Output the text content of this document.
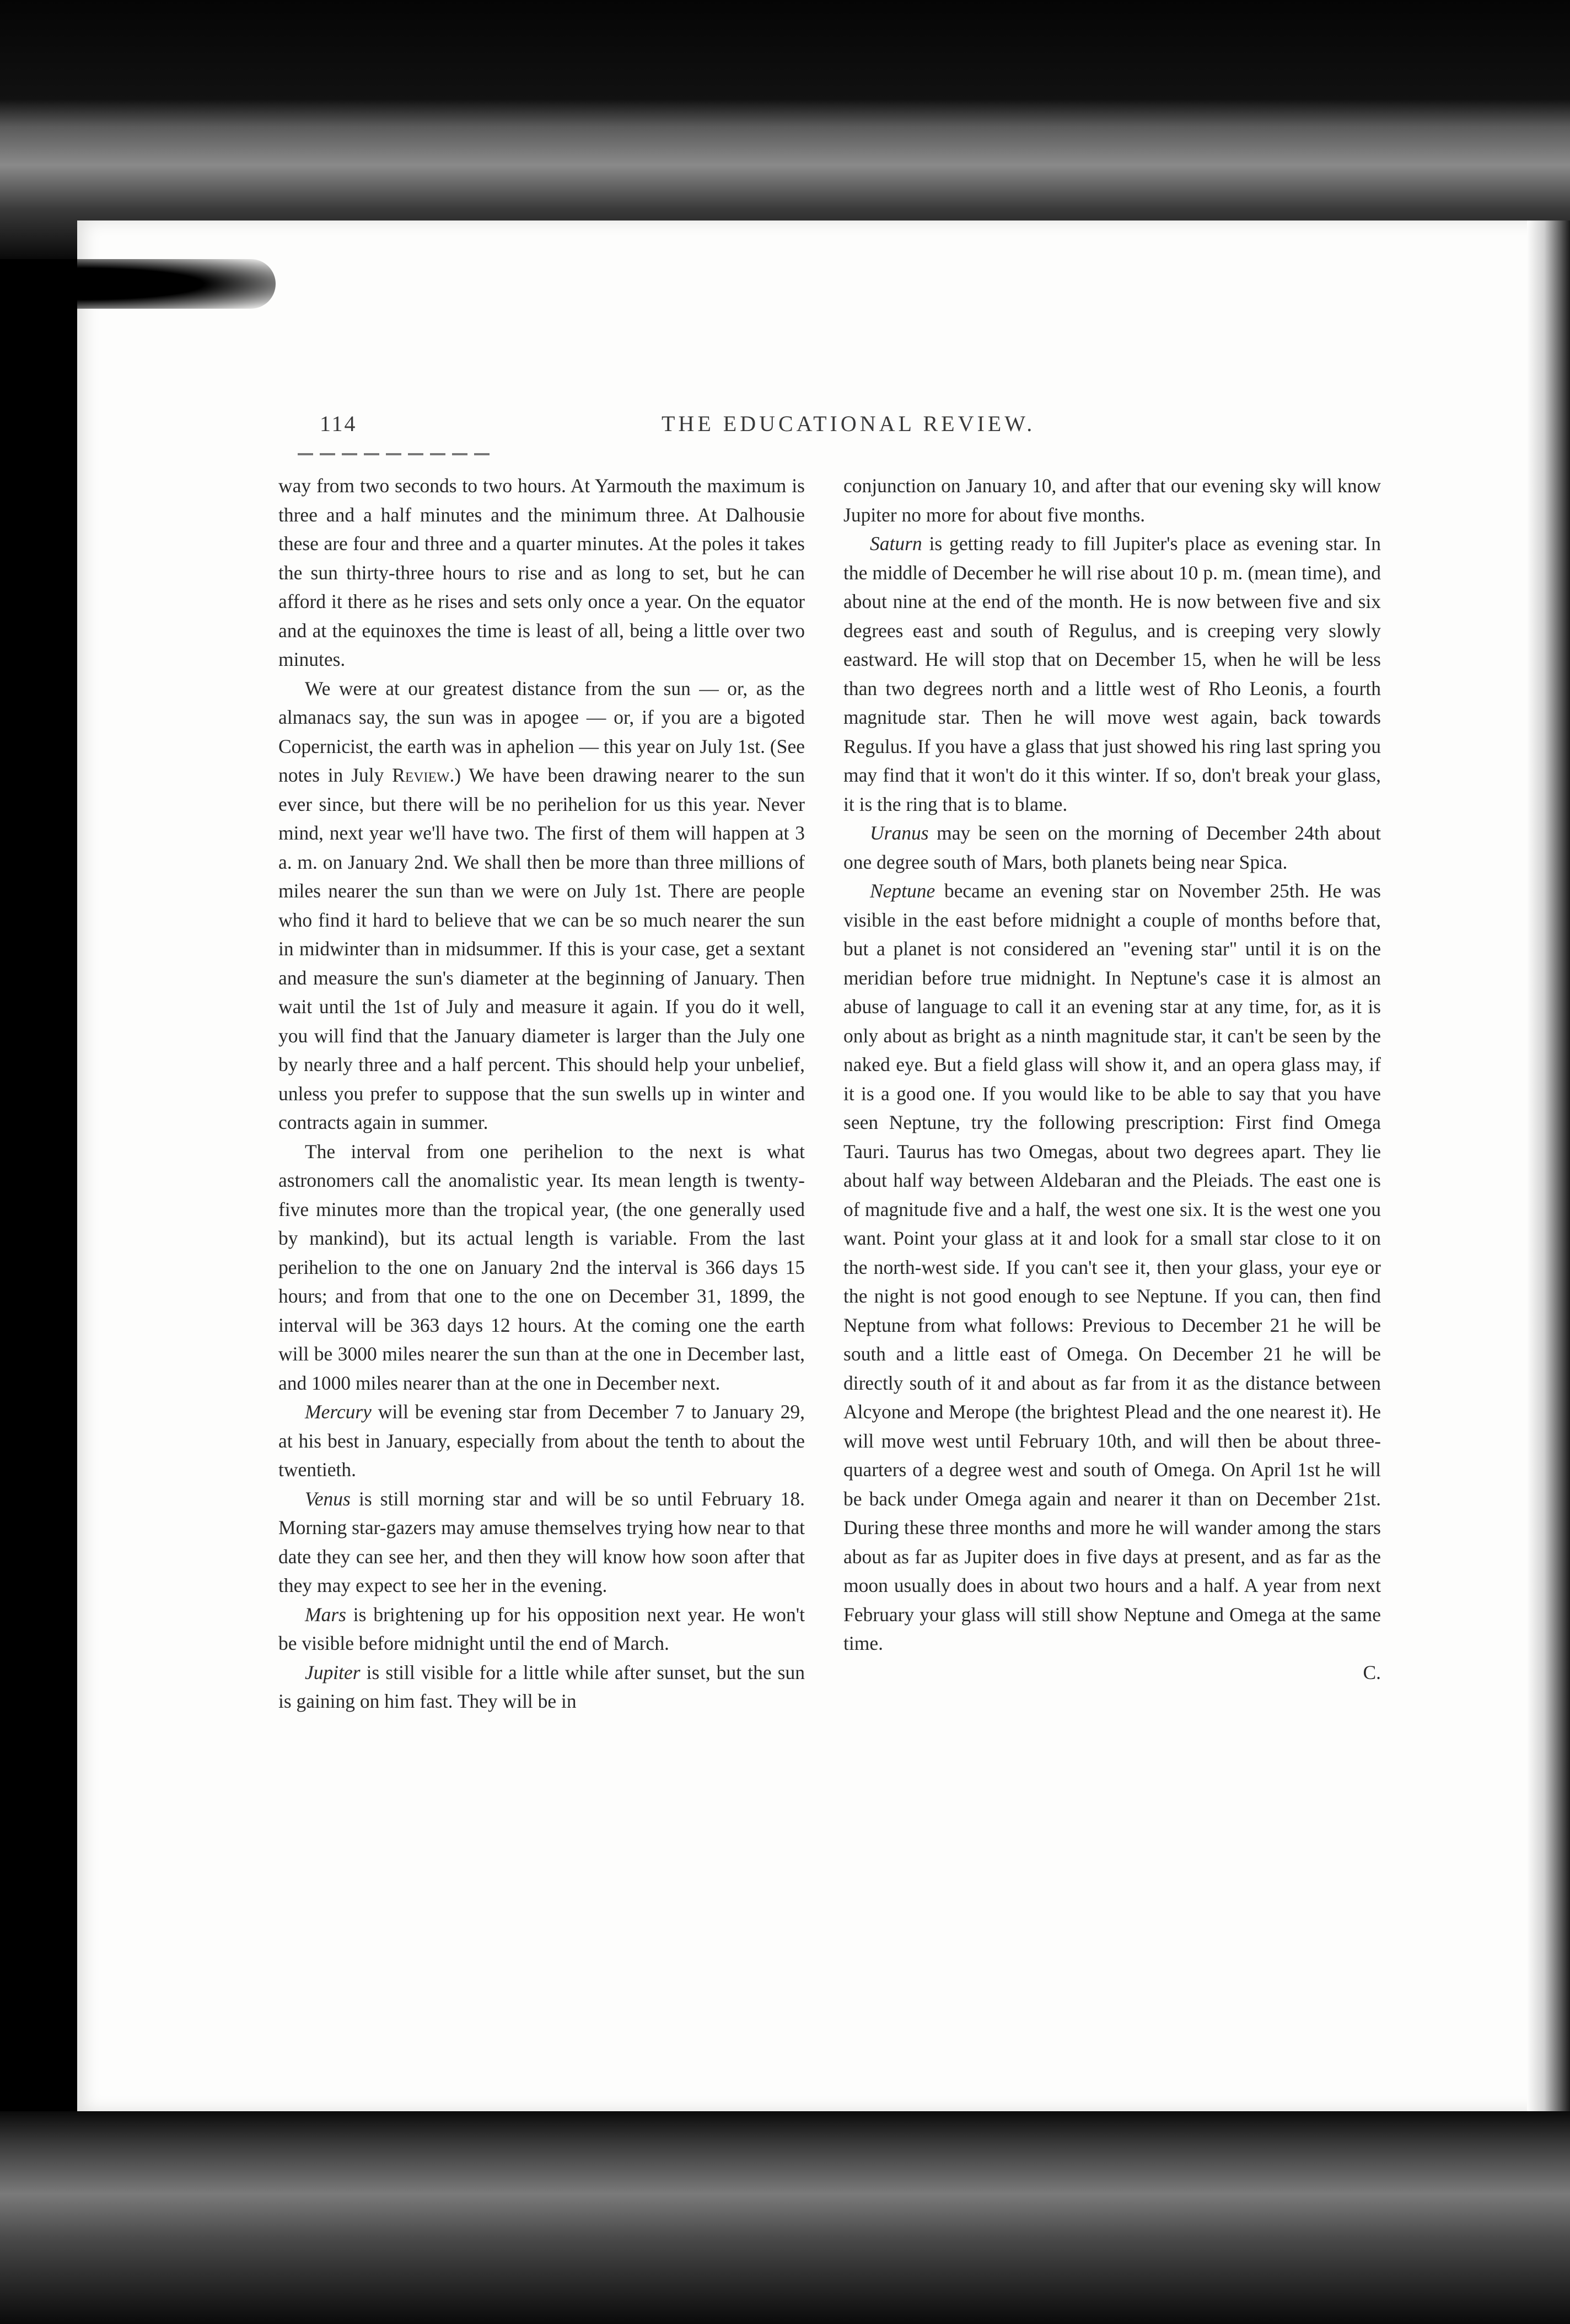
114	THE EDUCATIONAL REVIEW.

way from two seconds to two hours. At Yarmouth the maximum is three and a half minutes and the minimum three. At Dalhousie these are four and three and a quarter minutes. At the poles it takes the sun thirty-three hours to rise and as long to set, but he can afford it there as he rises and sets only once a year. On the equator and at the equinoxes the time is least of all, being a little over two minutes.

We were at our greatest distance from the sun — or, as the almanacs say, the sun was in apogee — or, if you are a bigoted Copernicist, the earth was in aphelion — this year on July 1st. (See notes in July Review.) We have been drawing nearer to the sun ever since, but there will be no perihelion for us this year. Never mind, next year we'll have two. The first of them will happen at 3 a. m. on January 2nd. We shall then be more than three millions of miles nearer the sun than we were on July 1st. There are people who find it hard to believe that we can be so much nearer the sun in midwinter than in midsummer. If this is your case, get a sextant and measure the sun's diameter at the beginning of January. Then wait until the 1st of July and measure it again. If you do it well, you will find that the January diameter is larger than the July one by nearly three and a half percent. This should help your unbelief, unless you prefer to suppose that the sun swells up in winter and contracts again in summer.

The interval from one perihelion to the next is what astronomers call the anomalistic year. Its mean length is twenty-five minutes more than the tropical year, (the one generally used by mankind), but its actual length is variable. From the last perihelion to the one on January 2nd the interval is 366 days 15 hours; and from that one to the one on December 31, 1899, the interval will be 363 days 12 hours. At the coming one the earth will be 3000 miles nearer the sun than at the one in December last, and 1000 miles nearer than at the one in December next.

Mercury will be evening star from December 7 to January 29, at his best in January, especially from about the tenth to about the twentieth.

Venus is still morning star and will be so until February 18. Morning star-gazers may amuse themselves trying how near to that date they can see her, and then they will know how soon after that they may expect to see her in the evening.

Mars is brightening up for his opposition next year. He won't be visible before midnight until the end of March.

Jupiter is still visible for a little while after sunset, but the sun is gaining on him fast. They will be in

conjunction on January 10, and after that our evening sky will know Jupiter no more for about five months.

Saturn is getting ready to fill Jupiter's place as evening star. In the middle of December he will rise about 10 p. m. (mean time), and about nine at the end of the month. He is now between five and six degrees east and south of Regulus, and is creeping very slowly eastward. He will stop that on December 15, when he will be less than two degrees north and a little west of Rho Leonis, a fourth magnitude star. Then he will move west again, back towards Regulus. If you have a glass that just showed his ring last spring you may find that it won't do it this winter. If so, don't break your glass, it is the ring that is to blame.

Uranus may be seen on the morning of December 24th about one degree south of Mars, both planets being near Spica.

Neptune became an evening star on November 25th. He was visible in the east before midnight a couple of months before that, but a planet is not considered an "evening star" until it is on the meridian before true midnight. In Neptune's case it is almost an abuse of language to call it an evening star at any time, for, as it is only about as bright as a ninth magnitude star, it can't be seen by the naked eye. But a field glass will show it, and an opera glass may, if it is a good one. If you would like to be able to say that you have seen Neptune, try the following prescription: First find Omega Tauri. Taurus has two Omegas, about two degrees apart. They lie about half way between Aldebaran and the Pleiads. The east one is of magnitude five and a half, the west one six. It is the west one you want. Point your glass at it and look for a small star close to it on the north-west side. If you can't see it, then your glass, your eye or the night is not good enough to see Neptune. If you can, then find Neptune from what follows: Previous to December 21 he will be south and a little east of Omega. On December 21 he will be directly south of it and about as far from it as the distance between Alcyone and Merope (the brightest Plead and the one nearest it). He will move west until February 10th, and will then be about three-quarters of a degree west and south of Omega. On April 1st he will be back under Omega again and nearer it than on December 21st. During these three months and more he will wander among the stars about as far as Jupiter does in five days at present, and as far as the moon usually does in about two hours and a half. A year from next February your glass will still show Neptune and Omega at the same time.

C.
